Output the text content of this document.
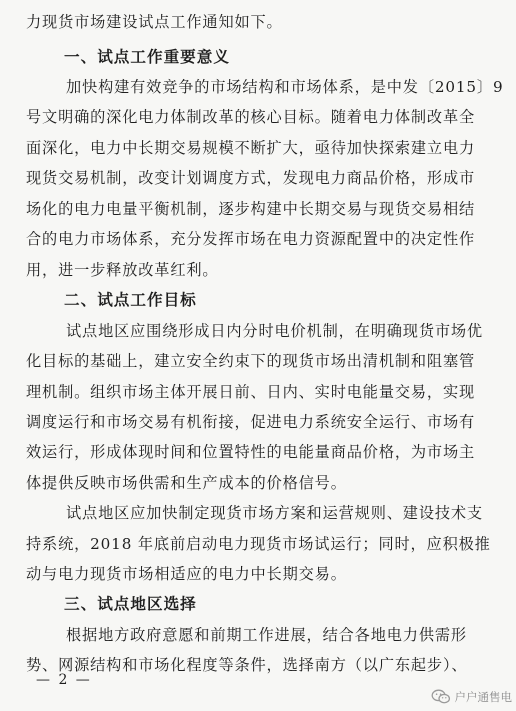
力现货市场建设试点工作通知如下。
一、试点工作重要意义
加快构建有效竞争的市场结构和市场体系，是中发〔2015〕9
号文明确的深化电力体制改革的核心目标。随着电力体制改革全
面深化，电力中长期交易规模不断扩大，亟待加快探索建立电力
现货交易机制，改变计划调度方式，发现电力商品价格，形成市
场化的电力电量平衡机制，逐步构建中长期交易与现货交易相结
合的电力市场体系，充分发挥市场在电力资源配置中的决定性作
用，进一步释放改革红利。
二、试点工作目标
试点地区应围绕形成日内分时电价机制，在明确现货市场优
化目标的基础上，建立安全约束下的现货市场出清机制和阻塞管
理机制。组织市场主体开展日前、日内、实时电能量交易，实现
调度运行和市场交易有机衔接，促进电力系统安全运行、市场有
效运行，形成体现时间和位置特性的电能量商品价格，为市场主
体提供反映市场供需和生产成本的价格信号。
试点地区应加快制定现货市场方案和运营规则、建设技术支
持系统，2018 年底前启动电力现货市场试运行；同时，应积极推
动与电力现货市场相适应的电力中长期交易。
三、试点地区选择
根据地方政府意愿和前期工作进展，结合各地电力供需形
势、网源结构和市场化程度等条件，选择南方（以广东起步）、
— 2 —
户户通售电
